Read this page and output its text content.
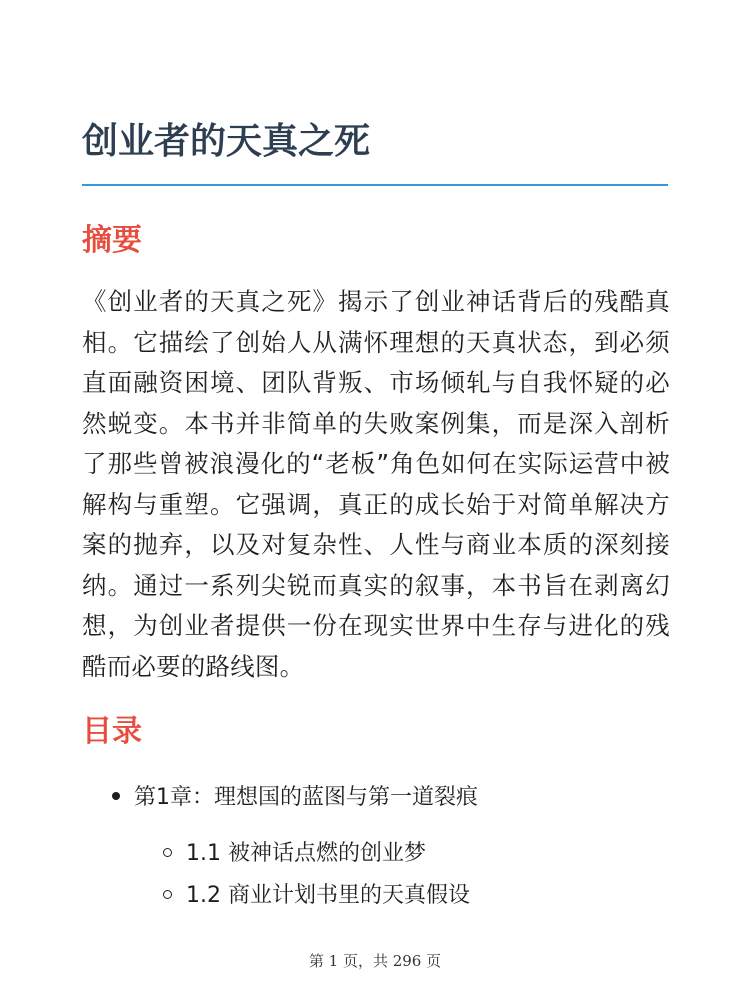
创业者的天真之死
摘要

《创业者的天真之死》揭示了创业神话背后的残酷真相。它描绘了创始人从满怀理想的天真状态，到必须直面融资困境、团队背叛、市场倾轧与自我怀疑的必然蜕变。本书并非简单的失败案例集，而是深入剖析了那些曾被浪漫化的“老板”角色如何在实际运营中被解构与重塑。它强调，真正的成长始于对简单解决方案的抛弃，以及对复杂性、人性与商业本质的深刻接纳。通过一系列尖锐而真实的叙事，本书旨在剥离幻想，为创业者提供一份在现实世界中生存与进化的残酷而必要的路线图。

目录
第1章：理想国的蓝图与第一道裂痕
1.1 被神话点燃的创业梦
1.2 商业计划书里的天真假设
第 1 页，共 296 页
